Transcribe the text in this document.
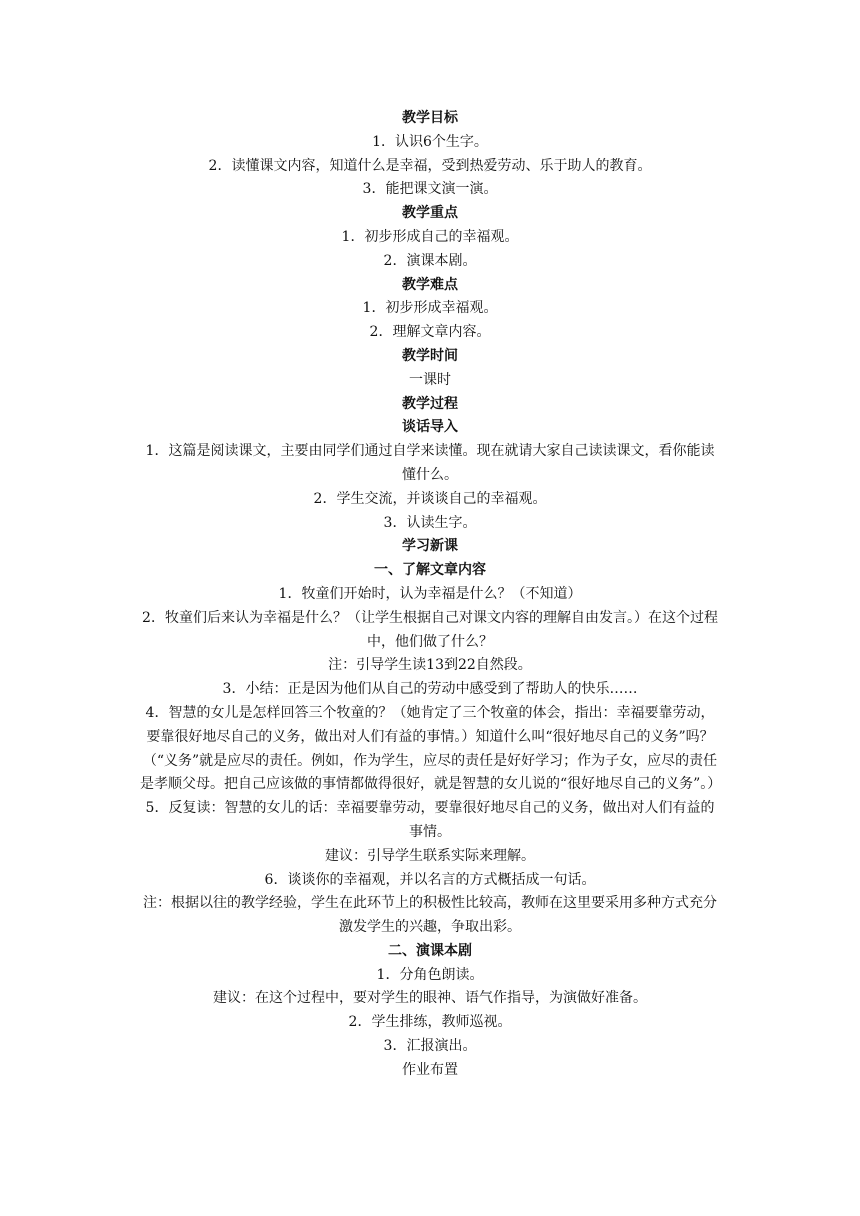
教学目标

1．认识6个生字。

2．读懂课文内容，知道什么是幸福，受到热爱劳动、乐于助人的教育。

3．能把课文演一演。

教学重点

1．初步形成自己的幸福观。

2．演课本剧。

教学难点

1．初步形成幸福观。

2．理解文章内容。

教学时间

一课时

教学过程

谈话导入

1．这篇是阅读课文，主要由同学们通过自学来读懂。现在就请大家自己读读课文，看你能读懂什么。

2．学生交流，并谈谈自己的幸福观。

3．认读生字。

学习新课

一、了解文章内容

1．牧童们开始时，认为幸福是什么？（不知道）

2．牧童们后来认为幸福是什么？（让学生根据自己对课文内容的理解自由发言。）在这个过程中，他们做了什么？

注：引导学生读13到22自然段。

3．小结：正是因为他们从自己的劳动中感受到了帮助人的快乐……

4．智慧的女儿是怎样回答三个牧童的？（她肯定了三个牧童的体会，指出：幸福要靠劳动，要靠很好地尽自己的义务，做出对人们有益的事情。）知道什么叫“很好地尽自己的义务”吗？（“义务”就是应尽的责任。例如，作为学生，应尽的责任是好好学习；作为子女，应尽的责任是孝顺父母。把自己应该做的事情都做得很好，就是智慧的女儿说的“很好地尽自己的义务”。）

5．反复读：智慧的女儿的话：幸福要靠劳动，要靠很好地尽自己的义务，做出对人们有益的事情。

建议：引导学生联系实际来理解。

6．谈谈你的幸福观，并以名言的方式概括成一句话。

注：根据以往的教学经验，学生在此环节上的积极性比较高，教师在这里要采用多种方式充分激发学生的兴趣，争取出彩。

二、演课本剧

1．分角色朗读。

建议：在这个过程中，要对学生的眼神、语气作指导，为演做好准备。

2．学生排练，教师巡视。

3．汇报演出。

作业布置
